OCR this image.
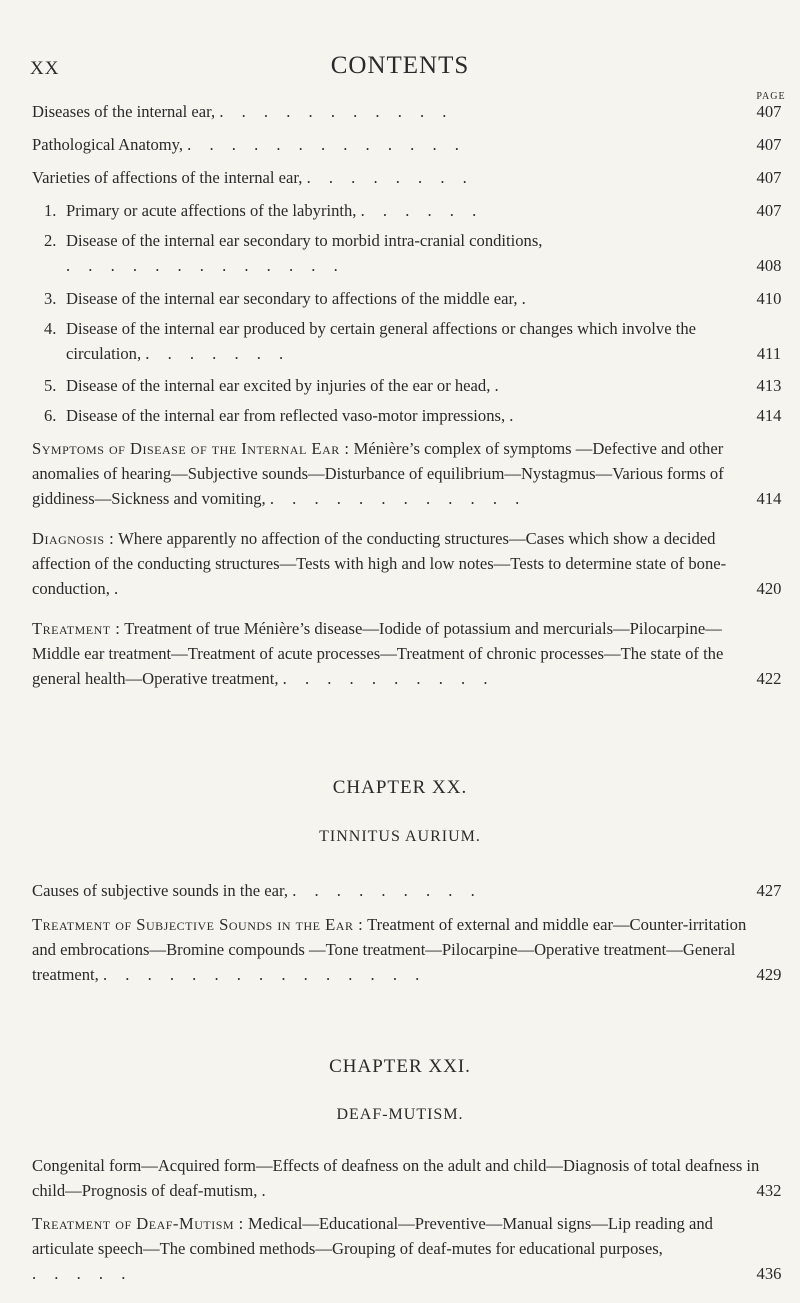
XX	CONTENTS
PAGE
Diseases of the internal ear, . . . . . . . . . . .	407
Pathological Anatomy, . . . . . . . . . . . . .	407
Varieties of affections of the internal ear, . . . . . . . .	407
1. Primary or acute affections of the labyrinth, . . . . . .	407
2. Disease of the internal ear secondary to morbid intra-cranial conditions, . . . . . . . . . . . . .	408
3. Disease of the internal ear secondary to affections of the middle ear, .	410
4. Disease of the internal ear produced by certain general affections or changes which involve the circulation, . . . . . . .	411
5. Disease of the internal ear excited by injuries of the ear or head, .	413
6. Disease of the internal ear from reflected vaso-motor impressions, .	414
Symptoms of Disease of the Internal Ear : Ménière’s complex of symptoms —Defective and other anomalies of hearing—Subjective sounds—Disturbance of equilibrium—Nystagmus—Various forms of giddiness—Sickness and vomiting, . . . . . . . . . . . .	414
Diagnosis : Where apparently no affection of the conducting structures—Cases which show a decided affection of the conducting structures—Tests with high and low notes—Tests to determine state of bone-conduction, .	420
Treatment : Treatment of true Ménière’s disease—Iodide of potassium and mercurials—Pilocarpine—Middle ear treatment—Treatment of acute processes—Treatment of chronic processes—The state of the general health—Operative treatment, . . . . . . . . . .	422
CHAPTER XX.
TINNITUS AURIUM.
Causes of subjective sounds in the ear, . . . . . . . . .	427
Treatment of Subjective Sounds in the Ear : Treatment of external and middle ear—Counter-irritation and embrocations—Bromine compounds —Tone treatment—Pilocarpine—Operative treatment—General treatment, . . . . . . . . . . . . . . .	429
CHAPTER XXI.
DEAF-MUTISM.
Congenital form—Acquired form—Effects of deafness on the adult and child—Diagnosis of total deafness in child—Prognosis of deaf-mutism, .	432
Treatment of Deaf-Mutism : Medical—Educational—Preventive—Manual signs—Lip reading and articulate speech—The combined methods—Grouping of deaf-mutes for educational purposes, . . . . .	436
